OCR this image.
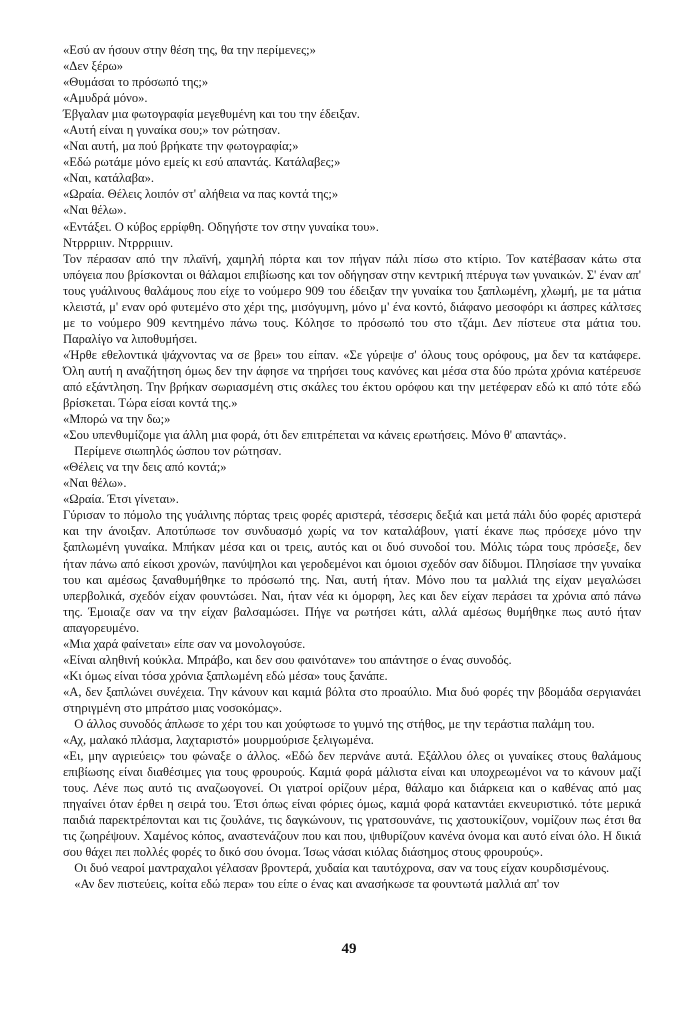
«Εσύ αν ήσουν στην θέση της, θα την περίμενες;»

«Δεν ξέρω»

«Θυμάσαι το πρόσωπό της;»

«Αμυδρά μόνο».

Έβγαλαν μια φωτογραφία μεγεθυμένη και του την έδειξαν.

«Αυτή είναι η γυναίκα σου;» τον ρώτησαν.

«Ναι αυτή, μα πού βρήκατε την φωτογραφία;»

«Εδώ ρωτάμε μόνο εμείς κι εσύ απαντάς. Κατάλαβες;»

«Ναι, κατάλαβα».

«Ωραία. Θέλεις λοιπόν στ' αλήθεια να πας κοντά της;»

«Ναι θέλω».

«Εντάξει. Ο κύβος ερρίφθη. Οδηγήστε τον στην γυναίκα του».

Ντρρριιιν. Ντρρριιιιν.

Τον πέρασαν από την πλαϊνή, χαμηλή πόρτα και τον πήγαν πάλι πίσω στο κτίριο. Τον κατέβασαν κάτω στα υπόγεια που βρίσκονται οι θάλαμοι επιβίωσης και τον οδήγησαν στην κεντρική πτέρυγα των γυναικών. Σ' έναν απ' τους γυάλινους θαλάμους που είχε το νούμερο 909 του έδειξαν την γυναίκα του ξαπλωμένη, χλωμή, με τα μάτια κλειστά, μ' εναν ορό φυτεμένο στο χέρι της, μισόγυμνη, μόνο μ' ένα κοντό, διάφανο μεσοφόρι κι άσπρες κάλτσες με το νούμερο 909 κεντημένο πάνω τους. Κόλησε το πρόσωπό του στο τζάμι. Δεν πίστευε στα μάτια του. Παραλίγο να λιποθυμήσει.

«Ήρθε εθελοντικά ψάχνοντας να σε βρει» του είπαν. «Σε γύρεψε σ' όλους τους ορόφους, μα δεν τα κατάφερε. Όλη αυτή η αναζήτηση όμως δεν την άφησε να τηρήσει τους κανόνες και μέσα στα δύο πρώτα χρόνια κατέρευσε από εξάντληση. Την βρήκαν σωριασμένη στις σκάλες του έκτου ορόφου και την μετέφεραν εδώ κι από τότε εδώ βρίσκεται. Τώρα είσαι κοντά της.»

«Μπορώ να την δω;»

«Σου υπενθυμίζομε για άλλη μια φορά, ότι δεν επιτρέπεται να κάνεις ερωτήσεις. Μόνο θ' απαντάς».

Περίμενε σιωπηλός ώσπου τον ρώτησαν.

«Θέλεις να την δεις από κοντά;»

«Ναι θέλω».

«Ωραία. Έτσι γίνεται».

Γύρισαν το πόμολο της γυάλινης πόρτας τρεις φορές αριστερά, τέσσερις δεξιά και μετά πάλι δύο φορές αριστερά και την άνοιξαν. Αποτύπωσε τον συνδυασμό χωρίς να τον καταλάβουν, γιατί έκανε πως πρόσεχε μόνο την ξαπλωμένη γυναίκα. Μπήκαν μέσα και οι τρεις, αυτός και οι δυό συνοδοί του. Μόλις τώρα τους πρόσεξε, δεν ήταν πάνω από είκοσι χρονών, πανύψηλοι και γεροδεμένοι και όμοιοι σχεδόν σαν δίδυμοι. Πλησίασε την γυναίκα του και αμέσως ξαναθυμήθηκε το πρόσωπό της. Ναι, αυτή ήταν. Μόνο που τα μαλλιά της είχαν μεγαλώσει υπερβολικά, σχεδόν είχαν φουντώσει. Ναι, ήταν νέα κι όμορφη, λες και δεν είχαν περάσει τα χρόνια από πάνω της. Έμοιαζε σαν να την είχαν βαλσαμώσει. Πήγε να ρωτήσει κάτι, αλλά αμέσως θυμήθηκε πως αυτό ήταν απαγορευμένο.

«Μια χαρά φαίνεται» είπε σαν να μονολογούσε.

«Είναι αληθινή κούκλα. Μπράβο, και δεν σου φαινότανε» του απάντησε ο ένας συνοδός.

«Κι όμως είναι τόσα χρόνια ξαπλωμένη εδώ μέσα» τους ξανάπε.

«Α, δεν ξαπλώνει συνέχεια. Την κάνουν και καμιά βόλτα στο προαύλιο. Μια δυό φορές την βδομάδα σεργιανάει στηριγμένη στο μπράτσο μιας νοσοκόμας».

Ο άλλος συνοδός άπλωσε το χέρι του και χούφτωσε το γυμνό της στήθος, με την τεράστια παλάμη του.

«Αχ, μαλακό πλάσμα, λαχταριστό» μουρμούρισε ξελιγωμένα.

«Ει, μην αγριεύεις» του φώναξε ο άλλος. «Εδώ δεν περνάνε αυτά. Εξάλλου όλες οι γυναίκες στους θαλάμους επιβίωσης είναι διαθέσιμες για τους φρουρούς. Καμιά φορά μάλιστα είναι και υποχρεωμένοι να το κάνουν μαζί τους. Λένε πως αυτό τις αναζωογονεί. Οι γιατροί ορίζουν μέρα, θάλαμο και διάρκεια και ο καθένας από μας πηγαίνει όταν έρθει η σειρά του. Έτσι όπως είναι φόριες όμως, καμιά φορά καταντάει εκνευριστικό. τότε μερικά παιδιά παρεκτρέπονται και τις ζουλάνε, τις δαγκώνουν, τις γρατσουνάνε, τις χαστουκίζουν, νομίζουν πως έτσι θα τις ζωηρέψουν. Χαμένος κόπος, αναστενάζουν που και που, ψιθυρίζουν κανένα όνομα και αυτό είναι όλο. Η δικιά σου θάχει πει πολλές φορές το δικό σου όνομα. Ίσως νάσαι κιόλας διάσημος στους φρουρούς».

Οι δυό νεαροί μαντραχαλοι γέλασαν βροντερά, χυδαία και ταυτόχρονα, σαν να τους είχαν κουρδισμένους.

«Αν δεν πιστεύεις, κοίτα εδώ περα» του είπε ο ένας και ανασήκωσε τα φουντωτά μαλλιά απ' τον

49
